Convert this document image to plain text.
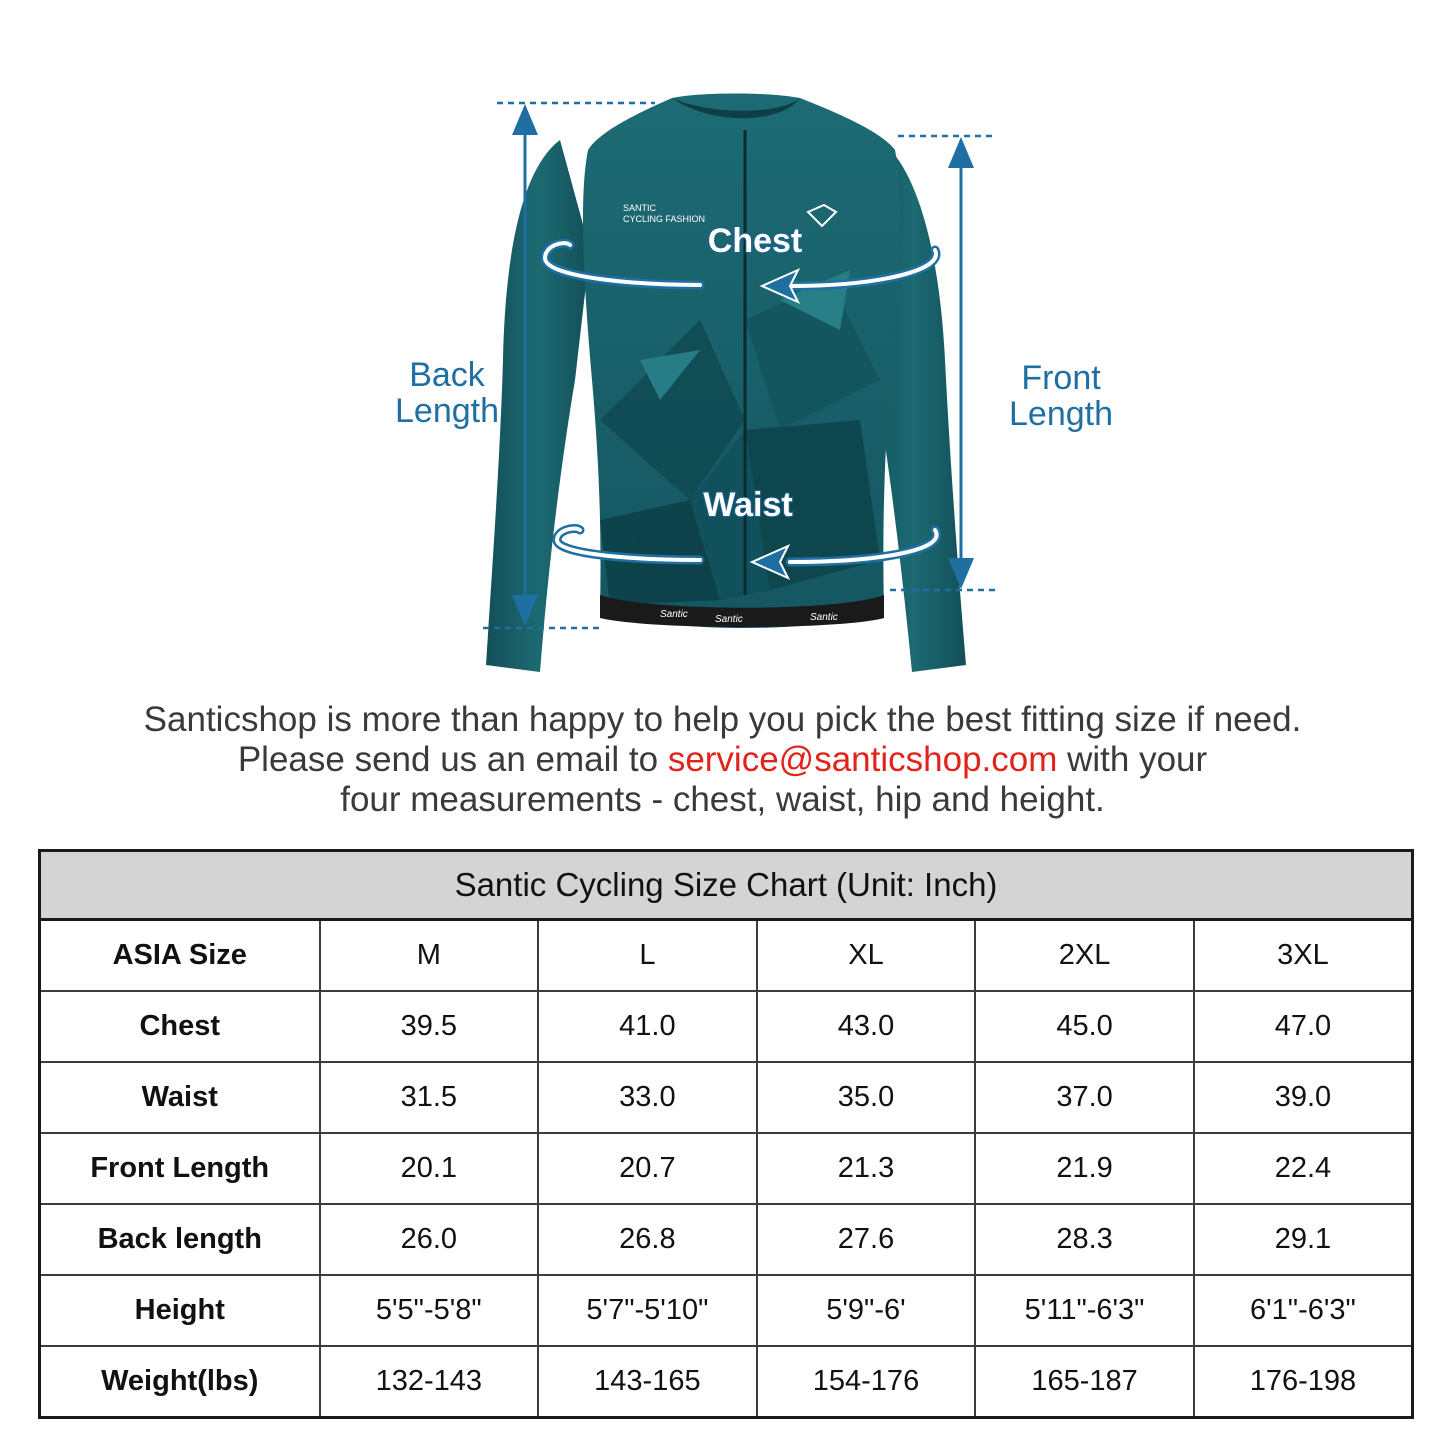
Santic	Santic	Santic
SANTIC
CYCLING FASHION
Back
Length
Front
Length
Chest
Waist
Santicshop is more than happy to help you pick the best fitting size if need.
Please send us an email to service@santicshop.com with your
four measurements - chest, waist, hip and height.
Santic Cycling Size Chart (Unit: Inch)					
ASIA Size	M	L	XL	2XL	3XL
Chest	39.5	41.0	43.0	45.0	47.0
Waist	31.5	33.0	35.0	37.0	39.0
Front Length	20.1	20.7	21.3	21.9	22.4
Back length	26.0	26.8	27.6	28.3	29.1
Height	5'5"-5'8"	5'7"-5'10"	5'9"-6'	5'11"-6'3"	6'1"-6'3"
Weight(lbs)	132-143	143-165	154-176	165-187	176-198
